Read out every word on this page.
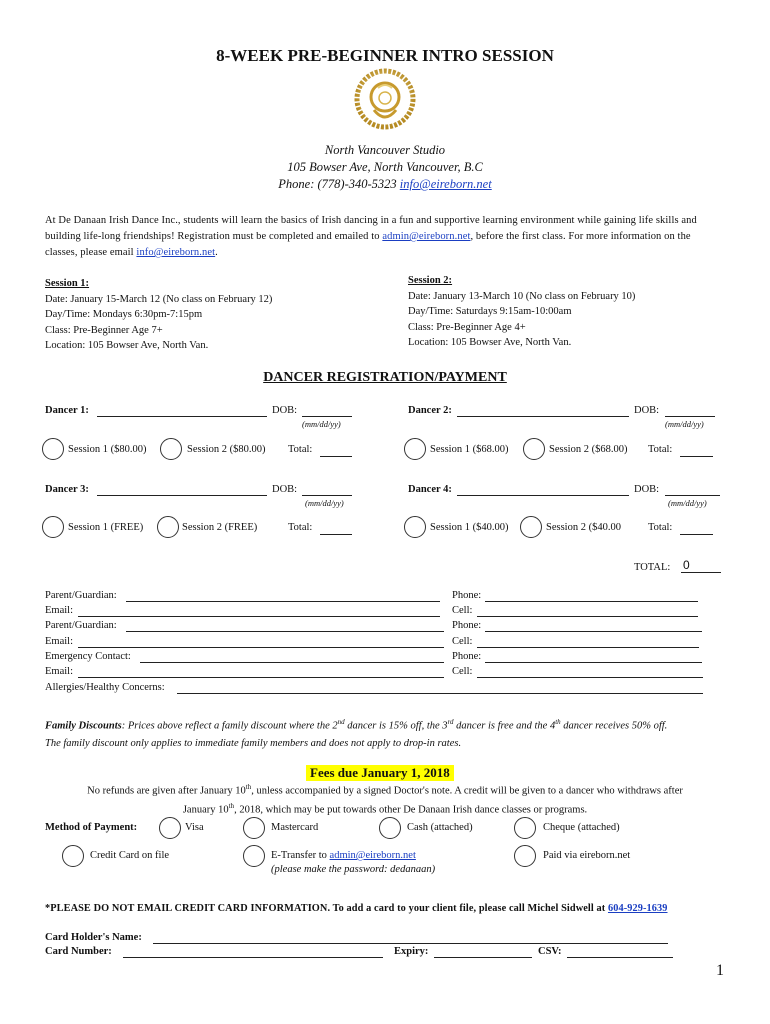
8-WEEK PRE-BEGINNER INTRO SESSION
North Vancouver Studio
105 Bowser Ave, North Vancouver, B.C
Phone: (778)-340-5323 info@eireborn.net
At De Danaan Irish Dance Inc., students will learn the basics of Irish dancing in a fun and supportive learning environment while gaining life skills and building life-long friendships! Registration must be completed and emailed to admin@eireborn.net, before the first class. For more information on the classes, please email info@eireborn.net.
Session 1:
Date: January 15-March 12 (No class on February 12)
Day/Time: Mondays 6:30pm-7:15pm
Class: Pre-Beginner Age 7+
Location: 105 Bowser Ave, North Van.
Session 2:
Date: January 13-March 10 (No class on February 10)
Day/Time: Saturdays 9:15am-10:00am
Class: Pre-Beginner Age 4+
Location: 105 Bowser Ave, North Van.
DANCER REGISTRATION/PAYMENT
Dancer 1:	DOB:
(mm/dd/yy)
Session 1 ($80.00)	Session 2 ($80.00) Total:
Dancer 2:	DOB:
(mm/dd/yy)
Session 1 ($68.00)	Session 2 ($68.00) Total:
Dancer 3:	DOB:
(mm/dd/yy)
Session 1 (FREE)	Session 2 (FREE)	Total:
Dancer 4:	DOB:
(mm/dd/yy)
Session 1 ($40.00)	Session 2 ($40.00	Total:
TOTAL: 0
Parent/Guardian:	Phone:
Email:	Cell:
Parent/Guardian:	Phone:
Email:	Cell:
Emergency Contact:	Phone:
Email:	Cell:
Allergies/Healthy Concerns:
Family Discounts: Prices above reflect a family discount where the 2nd dancer is 15% off, the 3rd dancer is free and the 4th dancer receives 50% off.
The family discount only applies to immediate family members and does not apply to drop-in rates.
Fees due January 1, 2018
No refunds are given after January 10th, unless accompanied by a signed Doctor's note. A credit will be given to a dancer who withdraws after
January 10th, 2018, which may be put towards other De Danaan Irish dance classes or programs.
Method of Payment:	Visa	Mastercard	Cash (attached)	Cheque (attached)
Credit Card on file	E-Transfer to admin@eireborn.net
(please make the password: dedanaan)
Paid via eireborn.net
*PLEASE DO NOT EMAIL CREDIT CARD INFORMATION. To add a card to your client file, please call Michel Sidwell at 604-929-1639
Card Holder's Name:
Card Number:	Expiry:	CSV:
1
